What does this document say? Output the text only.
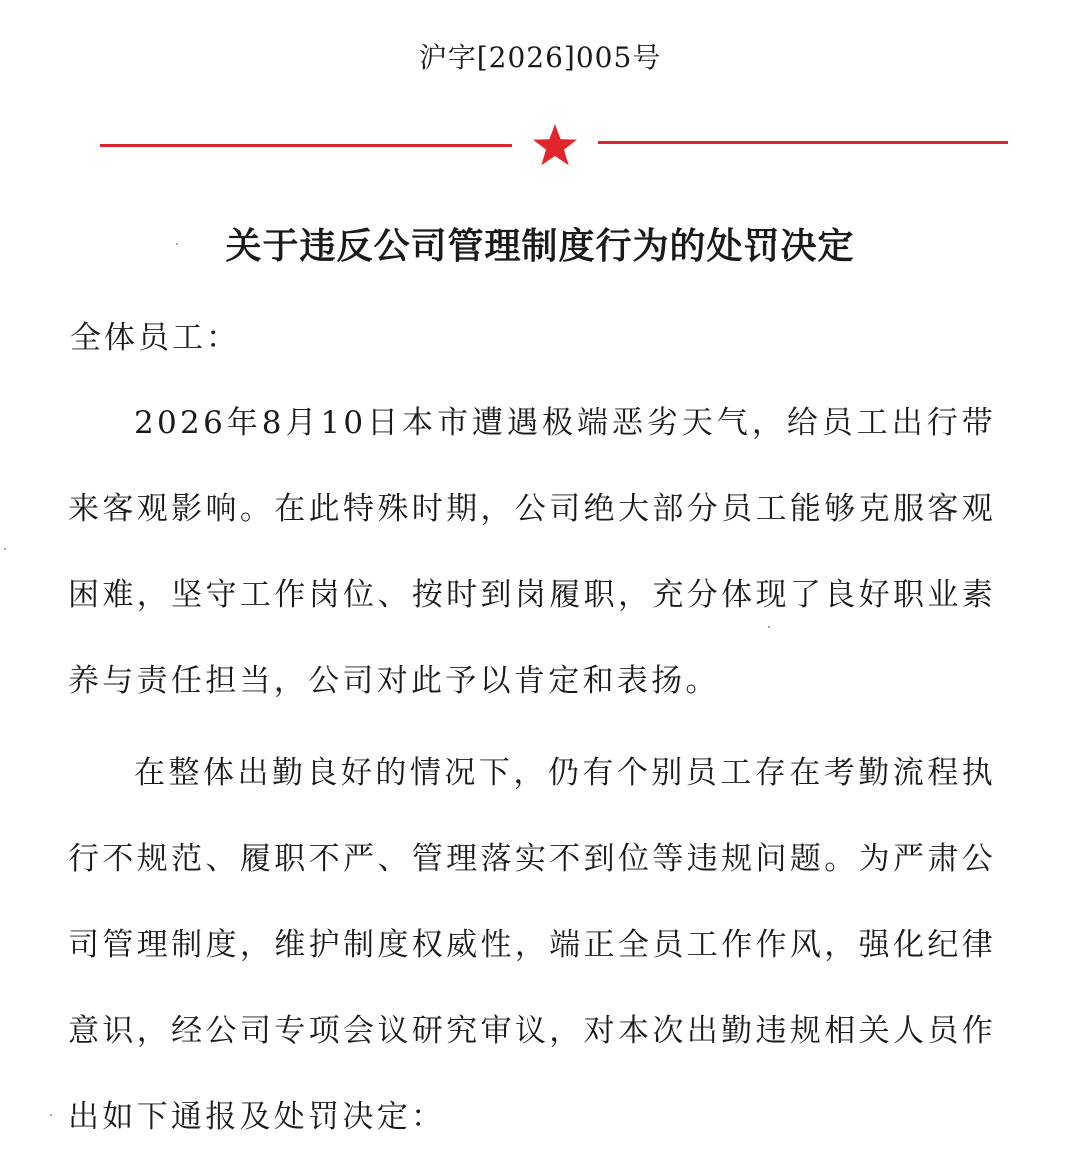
沪字[2026]005号
关于违反公司管理制度行为的处罚决定
全体员工：
2026年8月10日本市遭遇极端恶劣天气，给员工出行带来客观影响。在此特殊时期，公司绝大部分员工能够克服客观困难，坚守工作岗位、按时到岗履职，充分体现了良好职业素养与责任担当，公司对此予以肯定和表扬。
在整体出勤良好的情况下，仍有个别员工存在考勤流程执行不规范、履职不严、管理落实不到位等违规问题。为严肃公司管理制度，维护制度权威性，端正全员工作作风，强化纪律意识，经公司专项会议研究审议，对本次出勤违规相关人员作出如下通报及处罚决定：
